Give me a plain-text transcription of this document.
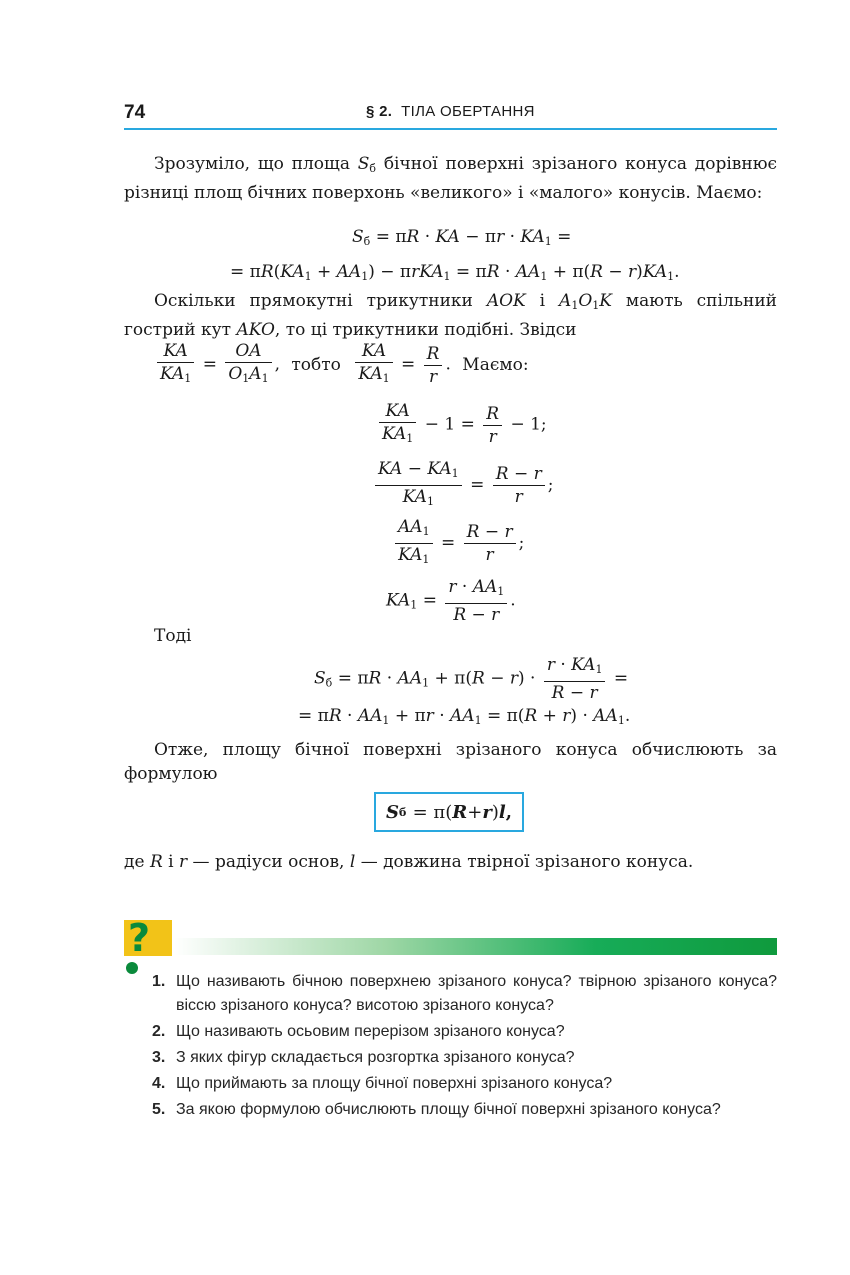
74	§ 2. ТІЛА ОБЕРТАННЯ
Зрозуміло, що площа $S_б$ бічної поверхні зрізаного конуса дорівнює різниці площ бічних поверхонь «великого» і «малого» конусів. Маємо:
$S_б = \pi R$ · KA − $\pi r \cdot KA_1$ =
= $\pi R(KA_1 + AA_1) - \pi rKA_1 = \pi R \cdot AA_1 + \pi(R - r)KA_1$.
Оскільки прямокутні трикутники AOK і $A_1O_1K$ мають спільний гострий кут AKO, то ці трикутники подібні. Звідси
$\frac{KA}{KA_1} = \frac{OA}{O_1A_1}$ , тобто $\frac{KA}{KA_1} = \frac{R}{r}$ . Маємо:
$\frac{KA}{KA_1} - 1 = \frac{R}{r} - 1$;
$\frac{KA - KA_1}{KA_1} = \frac{R - r}{r}$ ;
$\frac{AA_1}{KA_1} = \frac{R - r}{r}$ ;
$KA_1 = \frac{r \cdot AA_1}{R - r}$ .
Тоді
$S_б = \pi R \cdot AA_1 + \pi(R - r) \cdot \frac{r \cdot KA_1}{R - r}$ =
= $\pi R \cdot AA_1 + \pi r \cdot AA_1 = \pi(R + r) \cdot AA_1$.
Отже, площу бічної поверхні зрізаного конуса обчислюють за формулою
S б
= π( R + r ) l ,
де R і r — радіуси основ, l — довжина твірної зрізаного конуса.
?
1. Що називають бічною поверхнею зрізаного конуса? твірною зрізаного конуса? віссю зрізаного конуса? висотою зрізаного конуса?
2. Що називають осьовим перерізом зрізаного конуса?
3. З яких фігур складається розгортка зрізаного конуса?
4. Що приймають за площу бічної поверхні зрізаного конуса?
5. За якою формулою обчислюють площу бічної поверхні зрізаного конуса?
